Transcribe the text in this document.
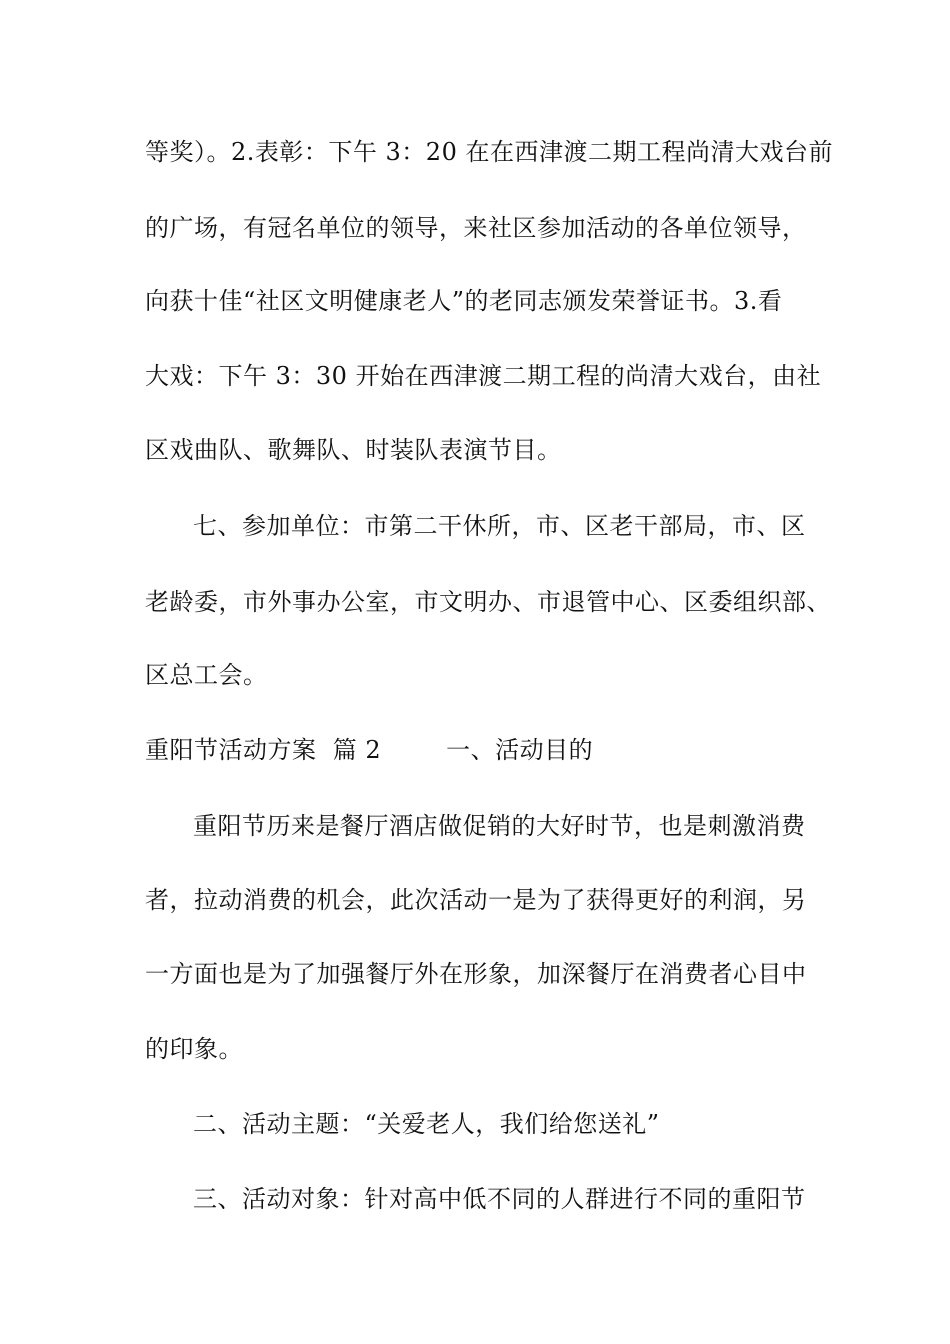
等奖）。2.表彰：下午 3：20 在在西津渡二期工程尚清大戏台前
的广场，有冠名单位的领导，来社区参加活动的各单位领导，
向获十佳“社区文明健康老人”的老同志颁发荣誉证书。3.看
大戏：下午 3：30 开始在西津渡二期工程的尚清大戏台，由社
区戏曲队、歌舞队、时装队表演节目。
七、参加单位：市第二干休所，市、区老干部局，市、区
老龄委，市外事办公室，市文明办、市退管中心、区委组织部、
区总工会。
重阳节活动方案  篇 2        一、活动目的
重阳节历来是餐厅酒店做促销的大好时节，也是刺激消费
者，拉动消费的机会，此次活动一是为了获得更好的利润，另
一方面也是为了加强餐厅外在形象，加深餐厅在消费者心目中
的印象。
二、活动主题：“关爱老人，我们给您送礼”
三、活动对象：针对高中低不同的人群进行不同的重阳节
